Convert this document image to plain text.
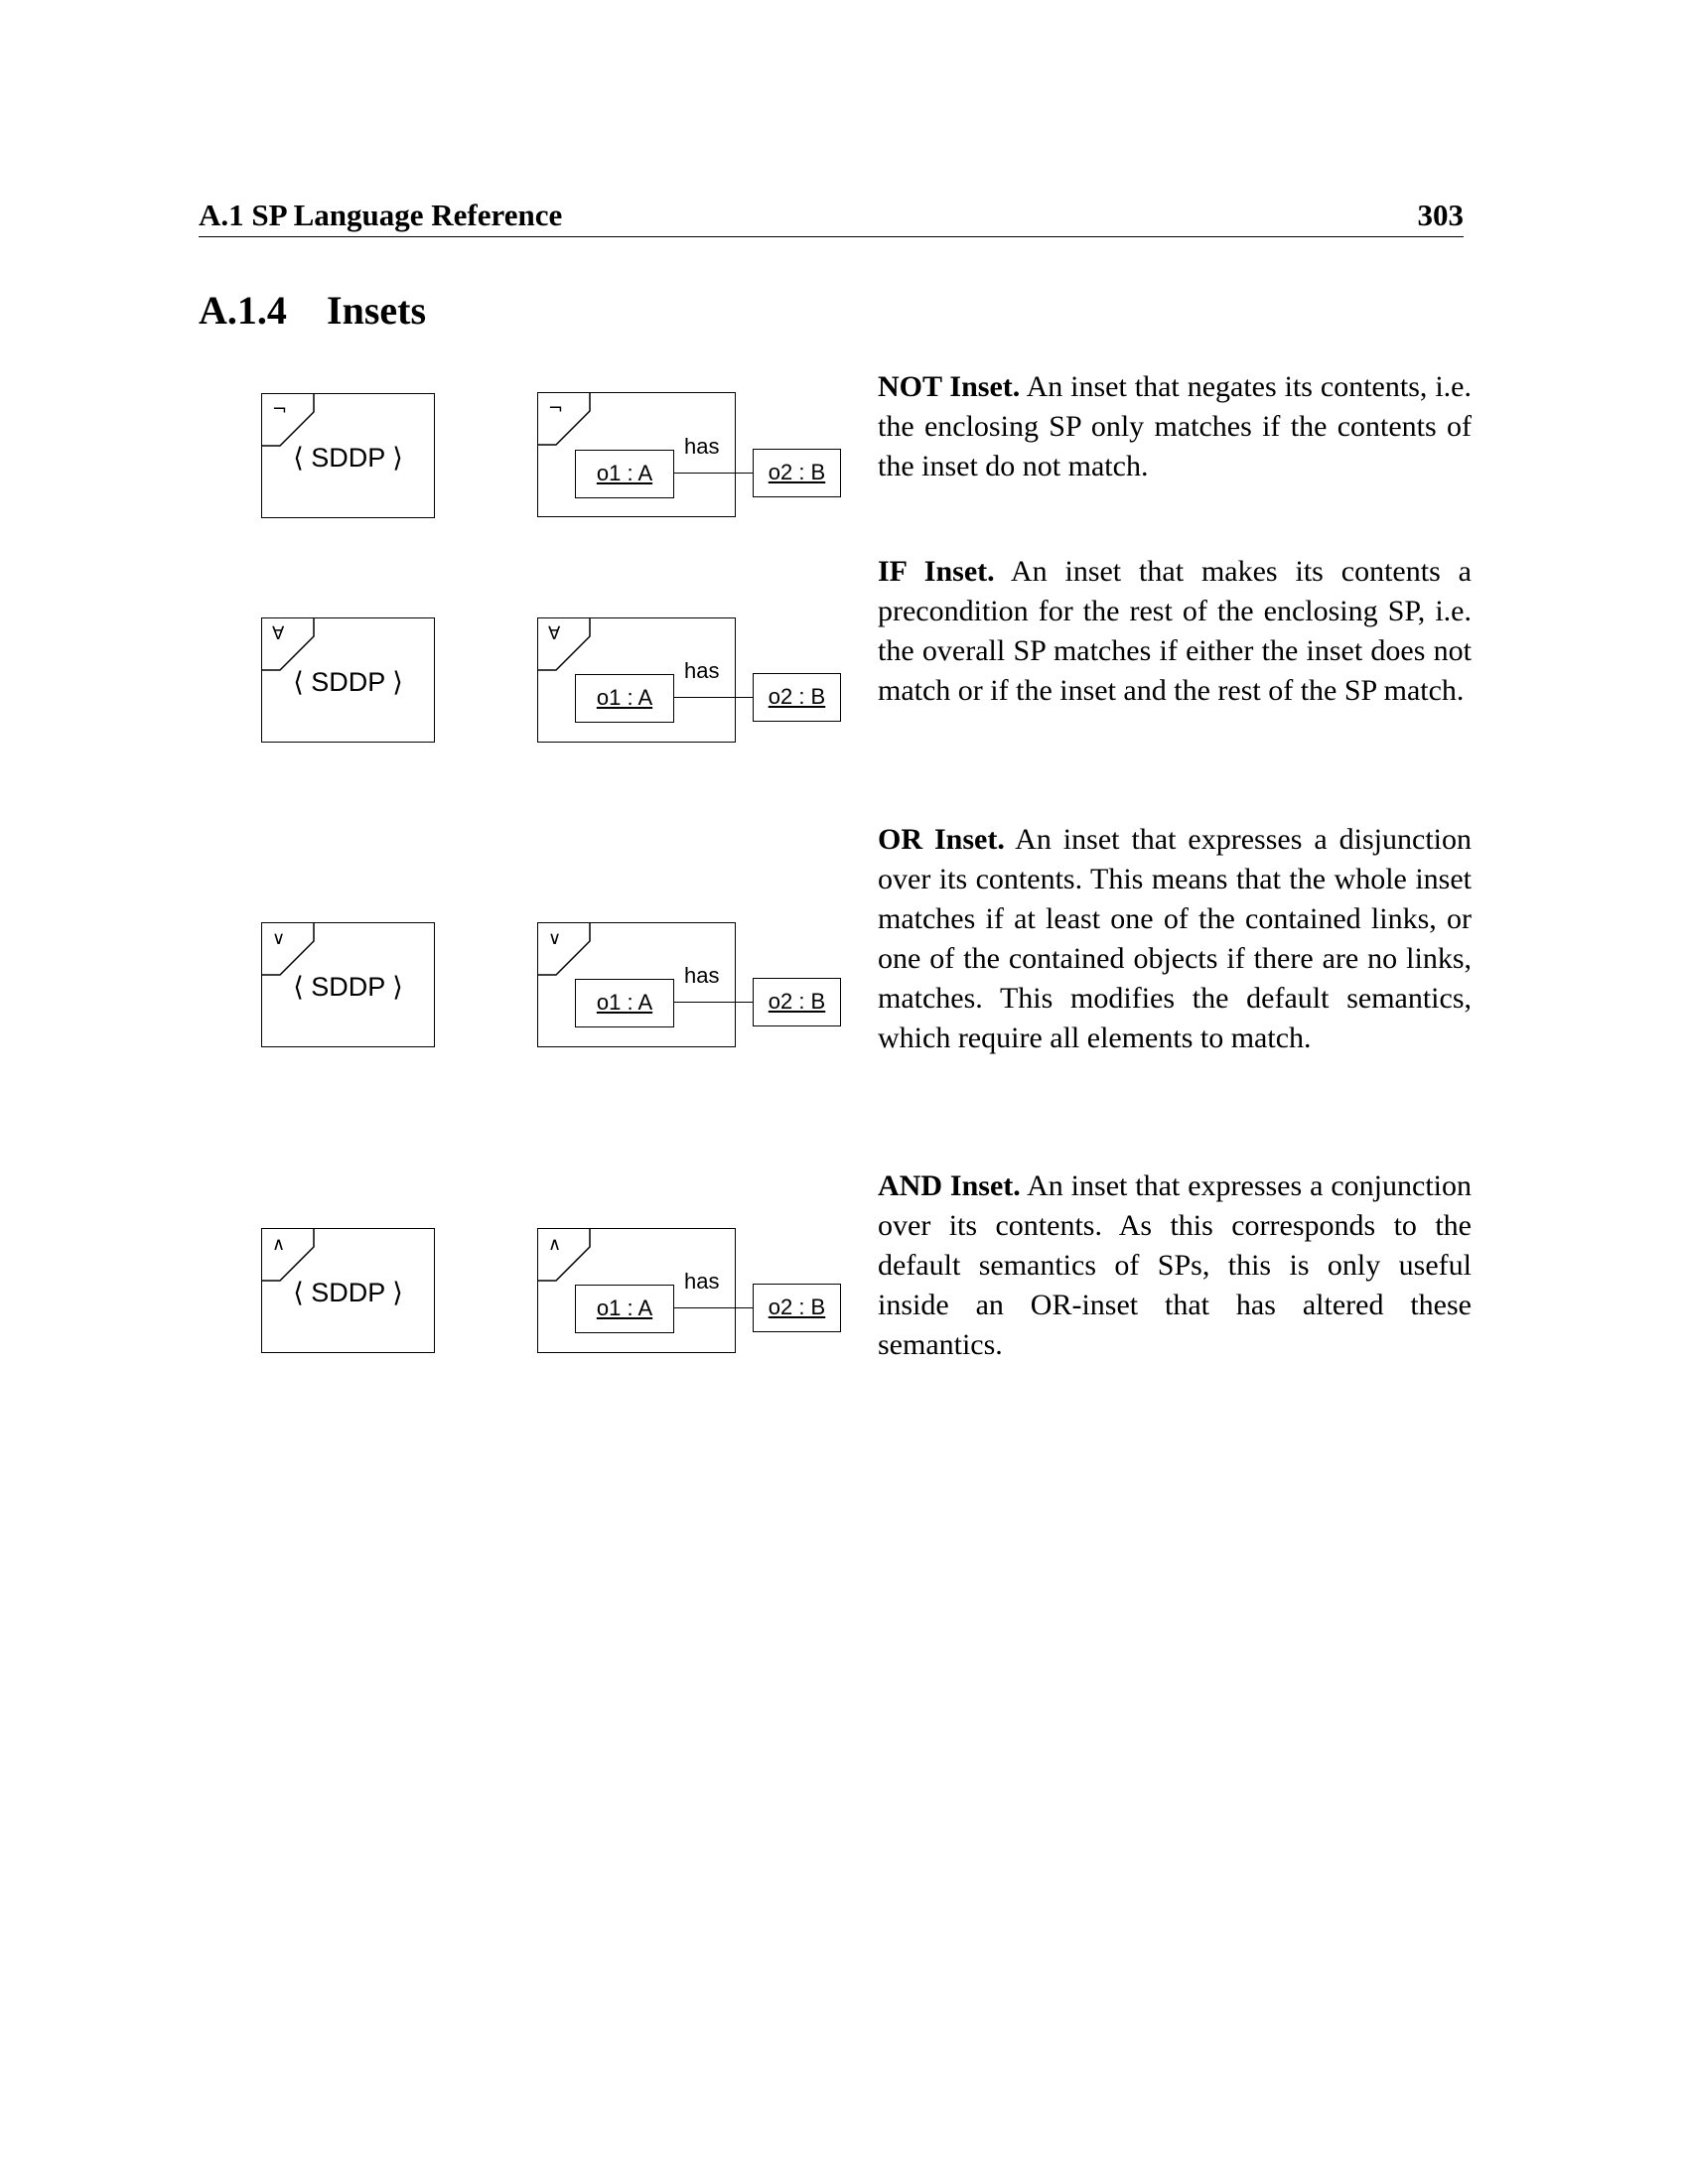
A.1 SP Language Reference	303
A.1.4 Insets
¬
⟨ SDDP ⟩
¬
o1 : A
has
o2 : B

NOT Inset. An inset that negates its contents, i.e. the enclosing SP only matches if the contents of the inset do not match.

∀
⟨ SDDP ⟩
∀
o1 : A
has
o2 : B

IF Inset. An inset that makes its contents a precondition for the rest of the enclosing SP, i.e. the overall SP matches if either the inset does not match or if the inset and the rest of the SP match.

∨
⟨ SDDP ⟩
∨
o1 : A
has
o2 : B

OR Inset. An inset that expresses a disjunction over its contents. This means that the whole inset matches if at least one of the contained links, or one of the contained objects if there are no links, matches. This modifies the default semantics, which require all elements to match.

∧
⟨ SDDP ⟩
∧
o1 : A
has
o2 : B

AND Inset. An inset that expresses a conjunction over its contents. As this corresponds to the default semantics of SPs, this is only useful inside an OR-inset that has altered these semantics.
